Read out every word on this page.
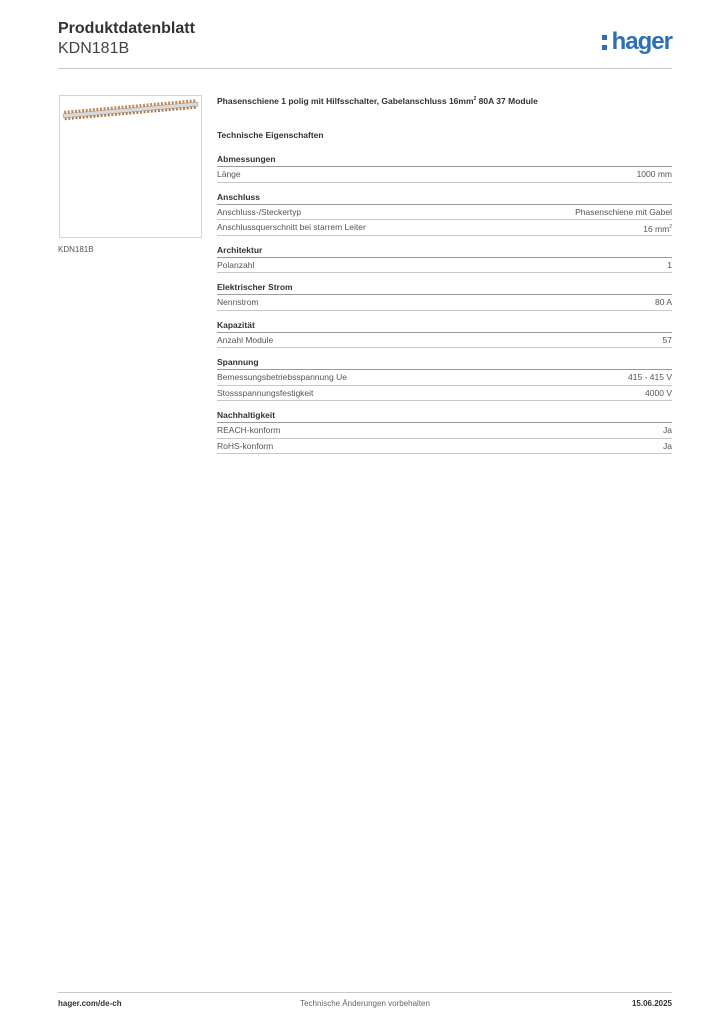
Produktdatenblatt
KDN181B	hager
KDN181B
Phasenschiene 1 polig mit Hilfsschalter, Gabelanschluss $16mm^2$ 80A 37 Module
Technische Eigenschaften
Abmessungen
Länge	1000 mm
Anschluss
Anschluss-/Steckertyp	Phasenschiene mit Gabel
Anschlussquerschnitt bei starrem Leiter	16 $mm^2$
Architektur
Polanzahl	1
Elektrischer Strom
Nennstrom	80 A
Kapazität
Anzahl Module	57
Spannung
Bemessungsbetriebsspannung Ue	415 - 415 V
Stossspannungsfestigkeit	4000 V
Nachhaltigkeit
REACH-konform	Ja
RoHS-konform	Ja
hager.com/de-ch	Technische Änderungen vorbehalten	15.06.2025
